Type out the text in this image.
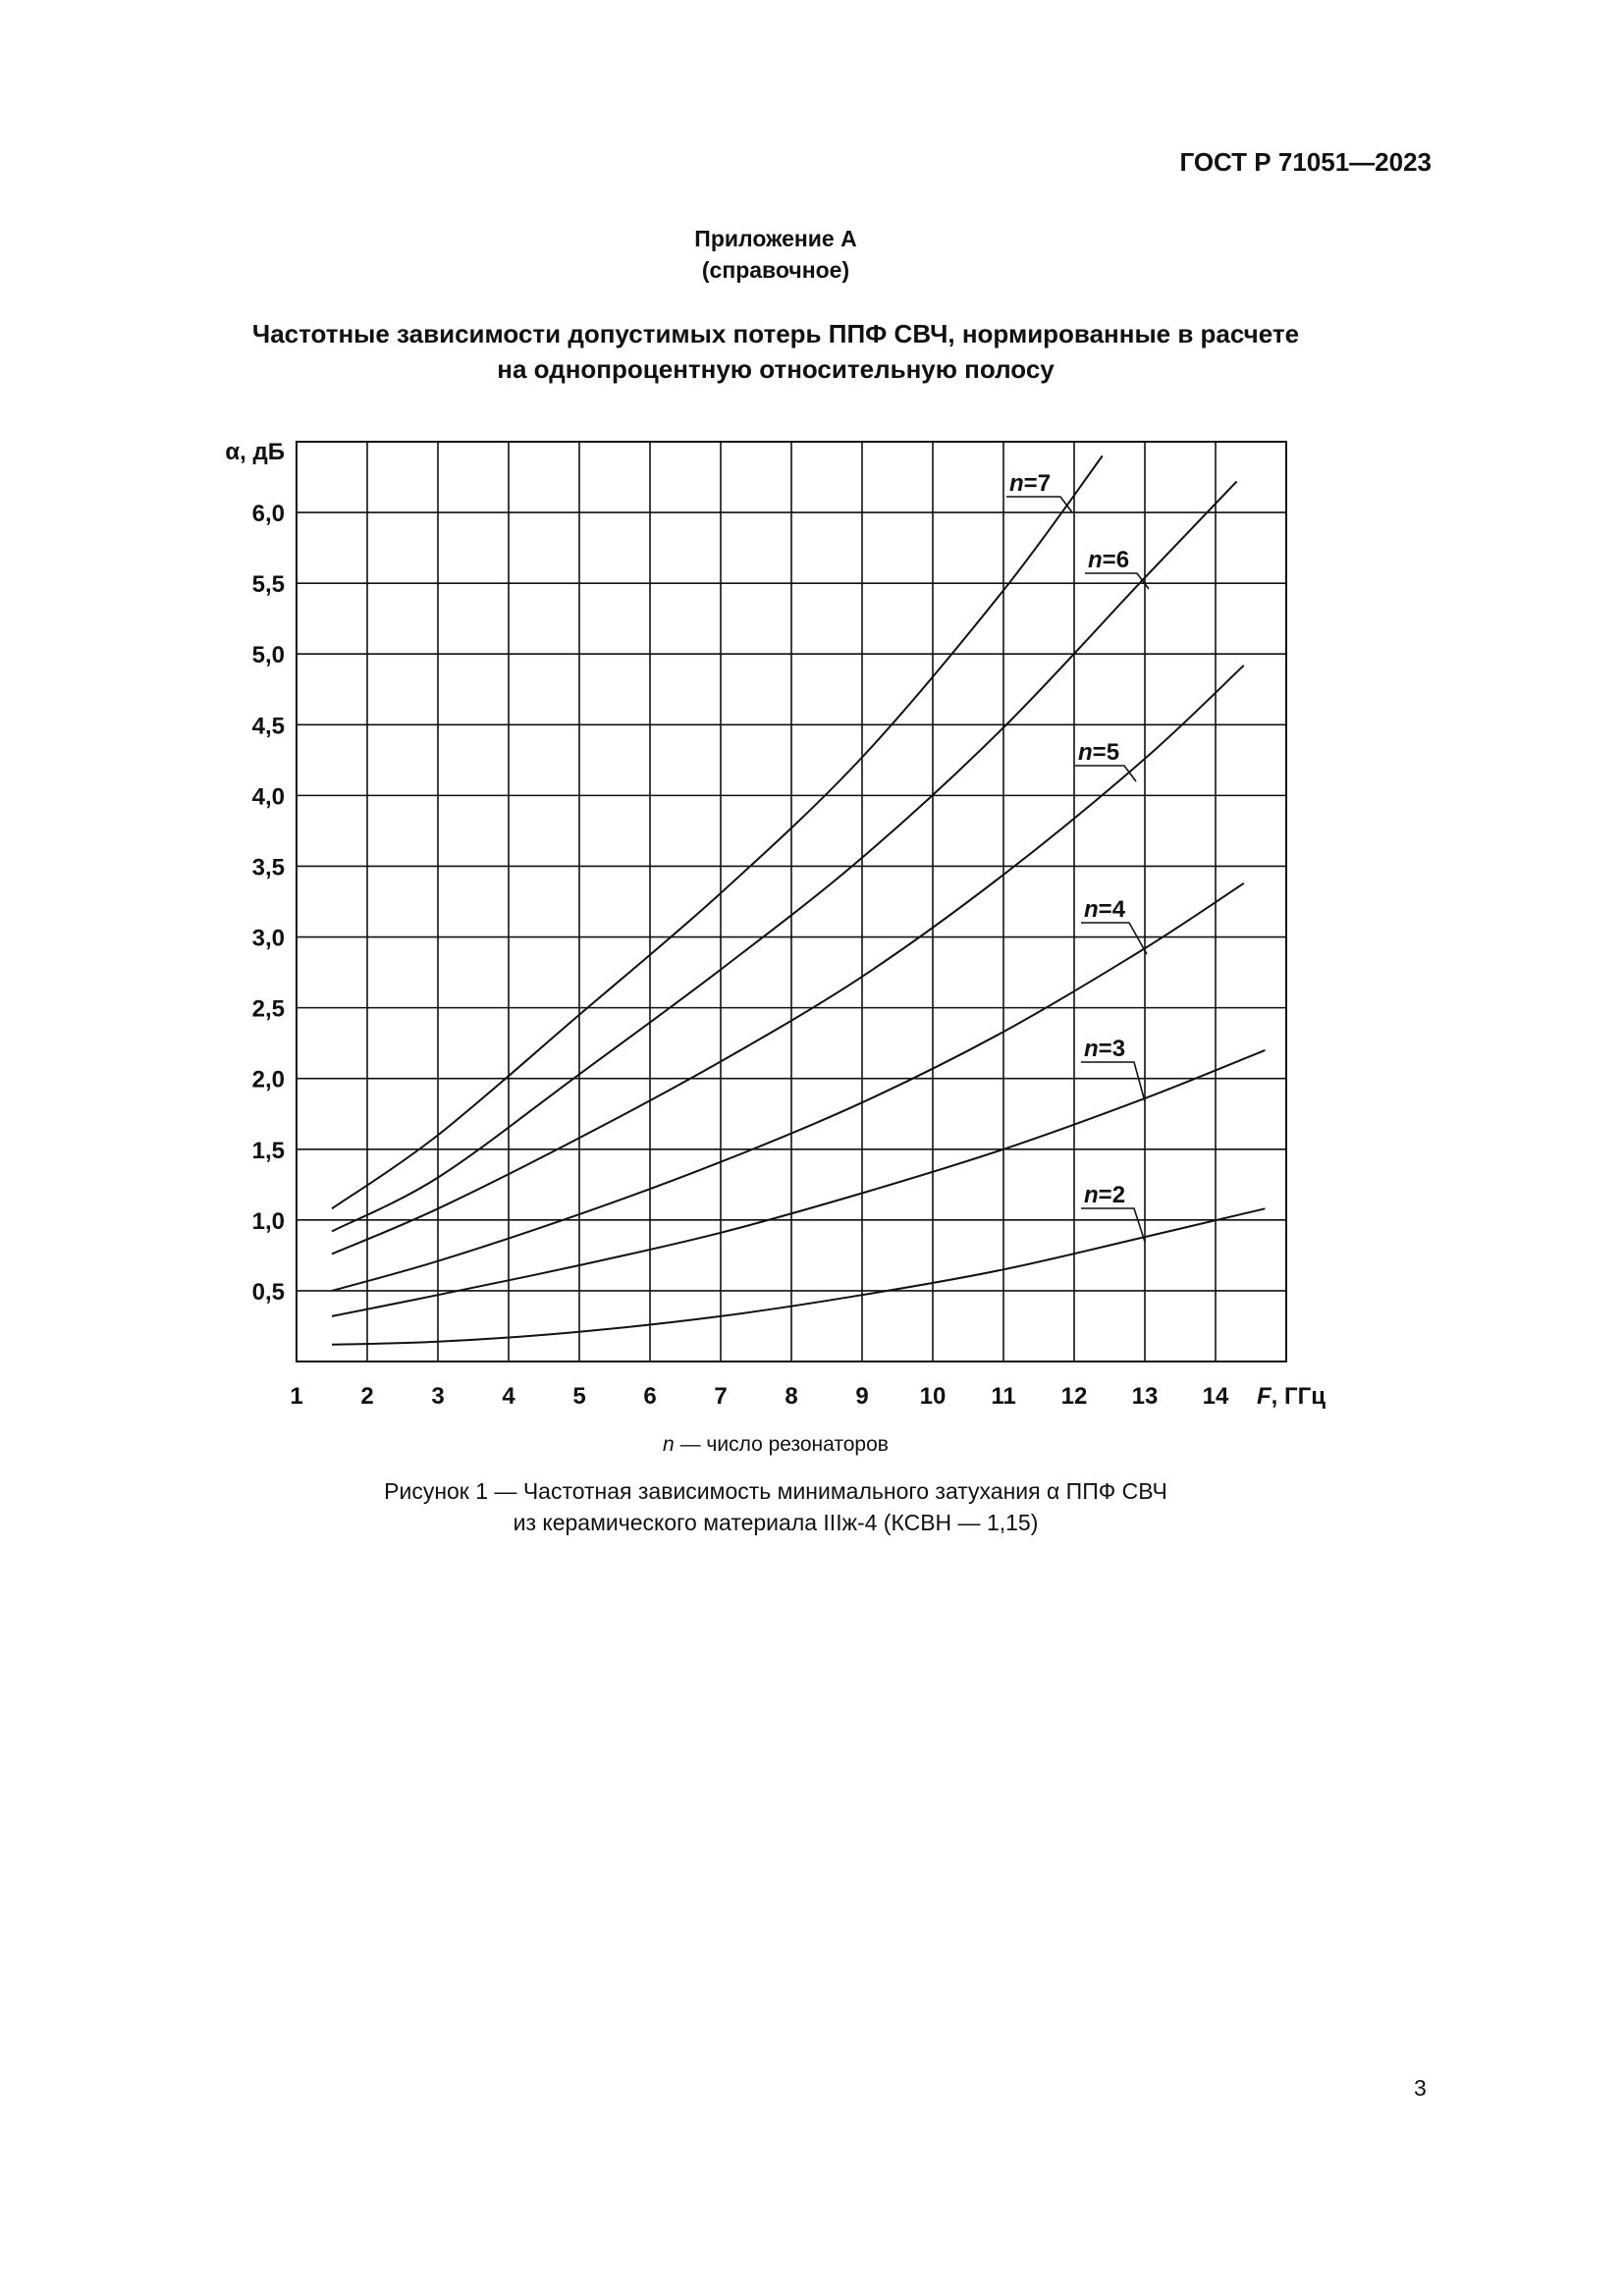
ГОСТ Р 71051—2023
Приложение А
(справочное)
Частотные зависимости допустимых потерь ППФ СВЧ, нормированные в расчете
на однопроцентную относительную полосу
1 2 3 4 5 6 7 8 9 10 11 12 13 14 F, ГГц
0,5
1,0
1,5
2,0
2,5
3,0
3,5
4,0
4,5
5,0
5,5
6,0
α, дБ
n=7
n=6
n=5
n=4
n=3
n=2
n — число резонаторов
Рисунок 1 — Частотная зависимость минимального затухания α ППФ СВЧ
из керамического материала IIIж-4 (КСВН — 1,15)
3
